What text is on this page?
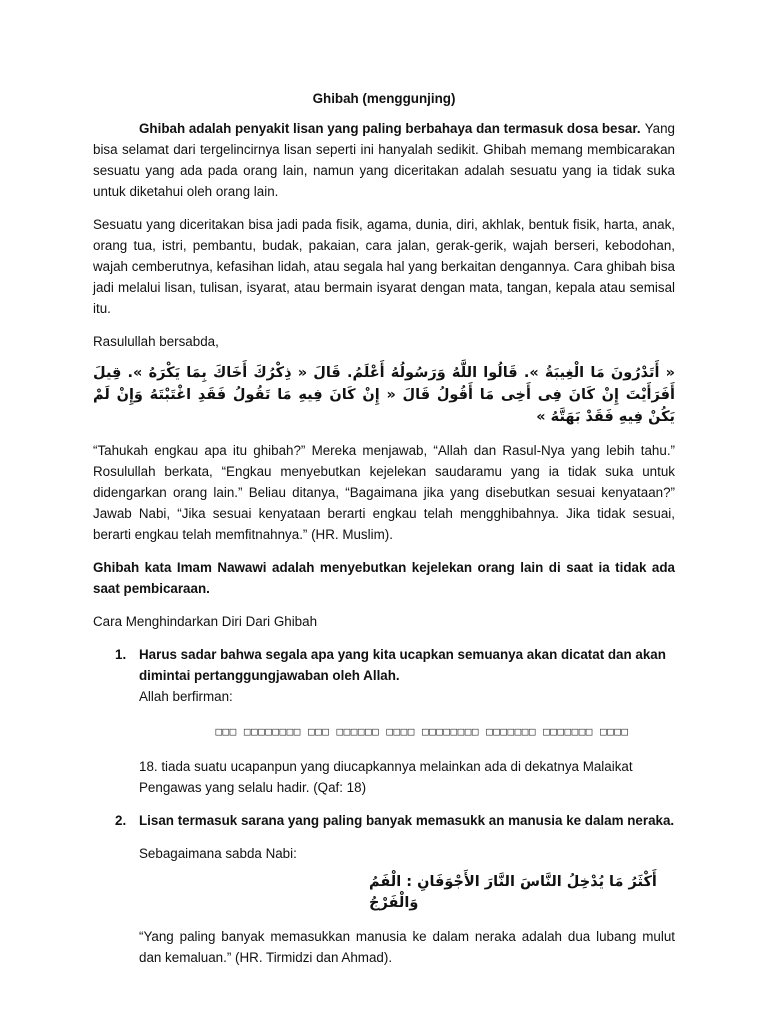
Ghibah (menggunjing)

Ghibah adalah penyakit lisan yang paling berbahaya dan termasuk dosa besar. Yang bisa selamat dari tergelincirnya lisan seperti ini hanyalah sedikit. Ghibah memang membicarakan sesuatu yang ada pada orang lain, namun yang diceritakan adalah sesuatu yang ia tidak suka untuk diketahui oleh orang lain.

Sesuatu yang diceritakan bisa jadi pada fisik, agama, dunia, diri, akhlak, bentuk fisik, harta, anak, orang tua, istri, pembantu, budak, pakaian, cara jalan, gerak-gerik, wajah berseri, kebodohan, wajah cemberutnya, kefasihan lidah, atau segala hal yang berkaitan dengannya. Cara ghibah bisa jadi melalui lisan, tulisan, isyarat, atau bermain isyarat dengan mata, tangan, kepala atau semisal itu.

Rasulullah bersabda,

« أَتَدْرُونَ مَا الْغِيبَةُ ». قَالُوا اللَّهُ وَرَسُولُهُ أَعْلَمُ. قَالَ « ذِكْرُكَ أَخَاكَ بِمَا يَكْرَهُ ». قِيلَ أَفَرَأَيْتَ إِنْ كَانَ فِى أَخِى مَا أَقُولُ قَالَ « إِنْ كَانَ فِيهِ مَا تَقُولُ فَقَدِ اغْتَبْتَهُ وَإِنْ لَمْ يَكُنْ فِيهِ فَقَدْ بَهَتَّهُ »

“Tahukah engkau apa itu ghibah?” Mereka menjawab, “Allah dan Rasul-Nya yang lebih tahu.” Rosulullah berkata, “Engkau menyebutkan kejelekan saudaramu yang ia tidak suka untuk didengarkan orang lain.” Beliau ditanya, “Bagaimana jika yang disebutkan sesuai kenyataan?” Jawab Nabi, “Jika sesuai kenyataan berarti engkau telah mengghibahnya. Jika tidak sesuai, berarti engkau telah memfitnahnya.” (HR. Muslim).

Ghibah kata Imam Nawawi adalah menyebutkan kejelekan orang lain di saat ia tidak ada saat pembicaraan.

Cara Menghindarkan Diri Dari Ghibah

1. Harus sadar bahwa segala apa yang kita ucapkan semuanya akan dicatat dan akan dimintai pertanggungjawaban oleh Allah.

Allah berfirman:

□□□ □□□□□□□□ □□□ □□□□□□ □□□□ □□□□□□□□ □□□□□□□ □□□□□□□ □□□□

18. tiada suatu ucapanpun yang diucapkannya melainkan ada di dekatnya Malaikat Pengawas yang selalu hadir. (Qaf: 18)

2. Lisan termasuk sarana yang paling banyak memasukk an manusia ke dalam neraka.

Sebagaimana sabda Nabi:

أَكْثَرُ مَا يُدْخِلُ النَّاسَ النَّارَ الأَجْوَفَانِ : الْفَمُ وَالْفَرْجُ

“Yang paling banyak memasukkan manusia ke dalam neraka adalah dua lubang mulut dan kemaluan.” (HR. Tirmidzi dan Ahmad).
